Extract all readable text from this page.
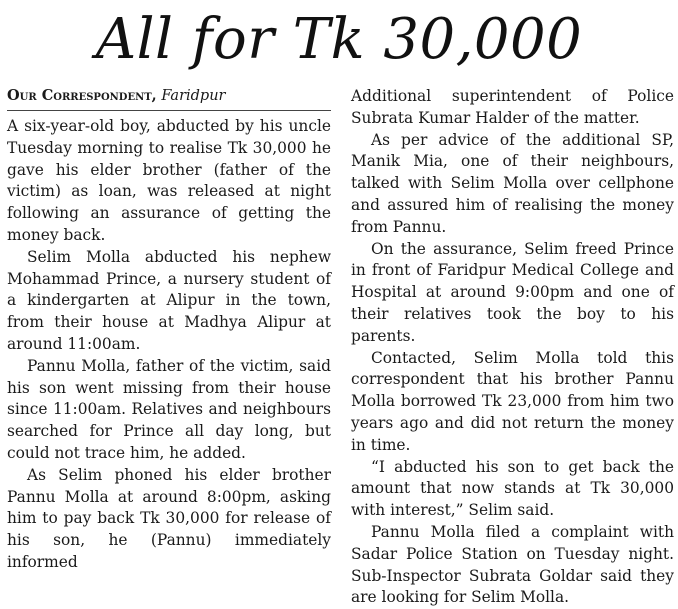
All for Tk 30,000
Our Correspondent, Faridpur

A six-year-old boy, abducted by his uncle Tuesday morning to realise Tk 30,000 he gave his elder brother (father of the victim) as loan, was released at night following an assurance of getting the money back.

Selim Molla abducted his nephew Mohammad Prince, a nursery student of a kindergarten at Alipur in the town, from their house at Madhya Alipur at around 11:00am.

Pannu Molla, father of the victim, said his son went missing from their house since 11:00am. Relatives and neighbours searched for Prince all day long, but could not trace him, he added.

As Selim phoned his elder brother Pannu Molla at around 8:00pm, asking him to pay back Tk 30,000 for release of his son, he (Pannu) immediately informed

Additional superintendent of Police Subrata Kumar Halder of the matter.

As per advice of the additional SP, Manik Mia, one of their neighbours, talked with Selim Molla over cellphone and assured him of realising the money from Pannu.

On the assurance, Selim freed Prince in front of Faridpur Medical College and Hospital at around 9:00pm and one of their relatives took the boy to his parents.

Contacted, Selim Molla told this correspondent that his brother Pannu Molla borrowed Tk 23,000 from him two years ago and did not return the money in time.

“I abducted his son to get back the amount that now stands at Tk 30,000 with interest,” Selim said.

Pannu Molla filed a complaint with Sadar Police Station on Tuesday night. Sub-Inspector Subrata Goldar said they are looking for Selim Molla.
